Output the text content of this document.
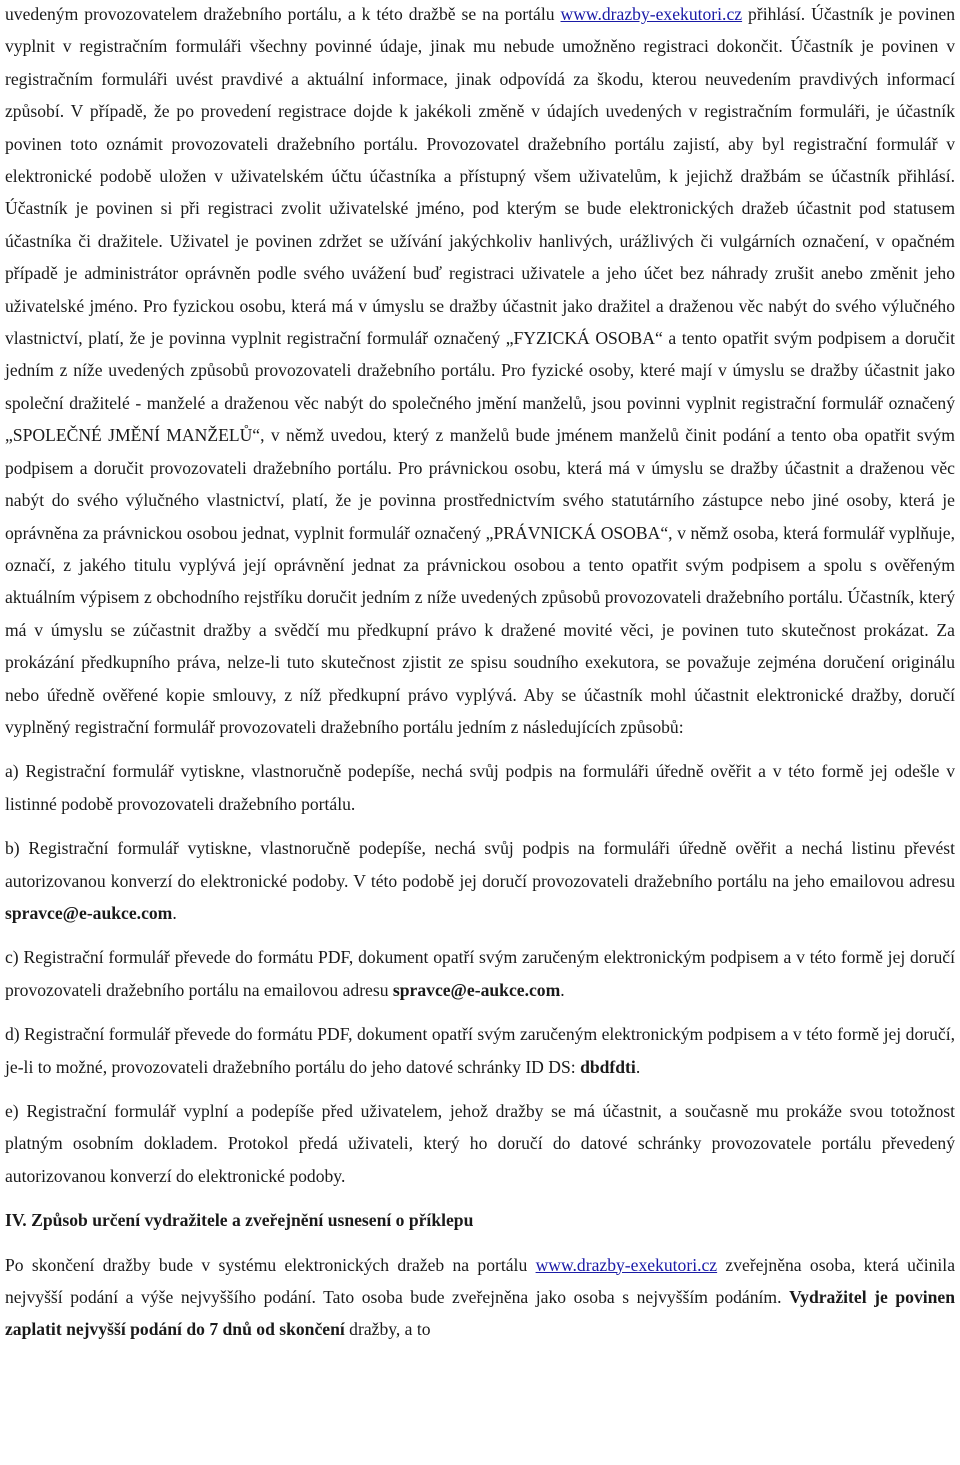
uvedeným provozovatelem dražebního portálu, a k této dražbě se na portálu www.drazby-exekutori.cz přihlásí. Účastník je povinen vyplnit v registračním formuláři všechny povinné údaje, jinak mu nebude umožněno registraci dokončit. Účastník je povinen v registračním formuláři uvést pravdivé a aktuální informace, jinak odpovídá za škodu, kterou neuvedením pravdivých informací způsobí. V případě, že po provedení registrace dojde k jakékoli změně v údajích uvedených v registračním formuláři, je účastník povinen toto oznámit provozovateli dražebního portálu. Provozovatel dražebního portálu zajistí, aby byl registrační formulář v elektronické podobě uložen v uživatelském účtu účastníka a přístupný všem uživatelům, k jejichž dražbám se účastník přihlásí. Účastník je povinen si při registraci zvolit uživatelské jméno, pod kterým se bude elektronických dražeb účastnit pod statusem účastníka či dražitele. Uživatel je povinen zdržet se užívání jakýchkoliv hanlivých, urážlivých či vulgárních označení, v opačném případě je administrátor oprávněn podle svého uvážení buď registraci uživatele a jeho účet bez náhrady zrušit anebo změnit jeho uživatelské jméno. Pro fyzickou osobu, která má v úmyslu se dražby účastnit jako dražitel a draženou věc nabýt do svého výlučného vlastnictví, platí, že je povinna vyplnit registrační formulář označený „FYZICKÁ OSOBA“ a tento opatřit svým podpisem a doručit jedním z níže uvedených způsobů provozovateli dražebního portálu. Pro fyzické osoby, které mají v úmyslu se dražby účastnit jako společní dražitelé - manželé a draženou věc nabýt do společného jmění manželů, jsou povinni vyplnit registrační formulář označený „SPOLEČNÉ JMĚNÍ MANŽELŮ“, v němž uvedou, který z manželů bude jménem manželů činit podání a tento oba opatřit svým podpisem a doručit provozovateli dražebního portálu. Pro právnickou osobu, která má v úmyslu se dražby účastnit a draženou věc nabýt do svého výlučného vlastnictví, platí, že je povinna prostřednictvím svého statutárního zástupce nebo jiné osoby, která je oprávněna za právnickou osobou jednat, vyplnit formulář označený „PRÁVNICKÁ OSOBA“, v němž osoba, která formulář vyplňuje, označí, z jakého titulu vyplývá její oprávnění jednat za právnickou osobou a tento opatřit svým podpisem a spolu s ověřeným aktuálním výpisem z obchodního rejstříku doručit jedním z níže uvedených způsobů provozovateli dražebního portálu. Účastník, který má v úmyslu se zúčastnit dražby a svědčí mu předkupní právo k dražené movité věci, je povinen tuto skutečnost prokázat. Za prokázání předkupního práva, nelze-li tuto skutečnost zjistit ze spisu soudního exekutora, se považuje zejména doručení originálu nebo úředně ověřené kopie smlouvy, z níž předkupní právo vyplývá. Aby se účastník mohl účastnit elektronické dražby, doručí vyplněný registrační formulář provozovateli dražebního portálu jedním z následujících způsobů:

a) Registrační formulář vytiskne, vlastnoručně podepíše, nechá svůj podpis na formuláři úředně ověřit a v této formě jej odešle v listinné podobě provozovateli dražebního portálu.

b) Registrační formulář vytiskne, vlastnoručně podepíše, nechá svůj podpis na formuláři úředně ověřit a nechá listinu převést autorizovanou konverzí do elektronické podoby. V této podobě jej doručí provozovateli dražebního portálu na jeho emailovou adresu spravce@e-aukce.com.

c) Registrační formulář převede do formátu PDF, dokument opatří svým zaručeným elektronickým podpisem a v této formě jej doručí provozovateli dražebního portálu na emailovou adresu spravce@e-aukce.com.

d) Registrační formulář převede do formátu PDF, dokument opatří svým zaručeným elektronickým podpisem a v této formě jej doručí, je-li to možné, provozovateli dražebního portálu do jeho datové schránky ID DS: dbdfdti.

e) Registrační formulář vyplní a podepíše před uživatelem, jehož dražby se má účastnit, a současně mu prokáže svou totožnost platným osobním dokladem. Protokol předá uživateli, který ho doručí do datové schránky provozovatele portálu převedený autorizovanou konverzí do elektronické podoby.

IV. Způsob určení vydražitele a zveřejnění usnesení o příklepu

Po skončení dražby bude v systému elektronických dražeb na portálu www.drazby-exekutori.cz zveřejněna osoba, která učinila nejvyšší podání a výše nejvyššího podání. Tato osoba bude zveřejněna jako osoba s nejvyšším podáním. Vydražitel je povinen zaplatit nejvyšší podání do 7 dnů od skončení dražby, a to
